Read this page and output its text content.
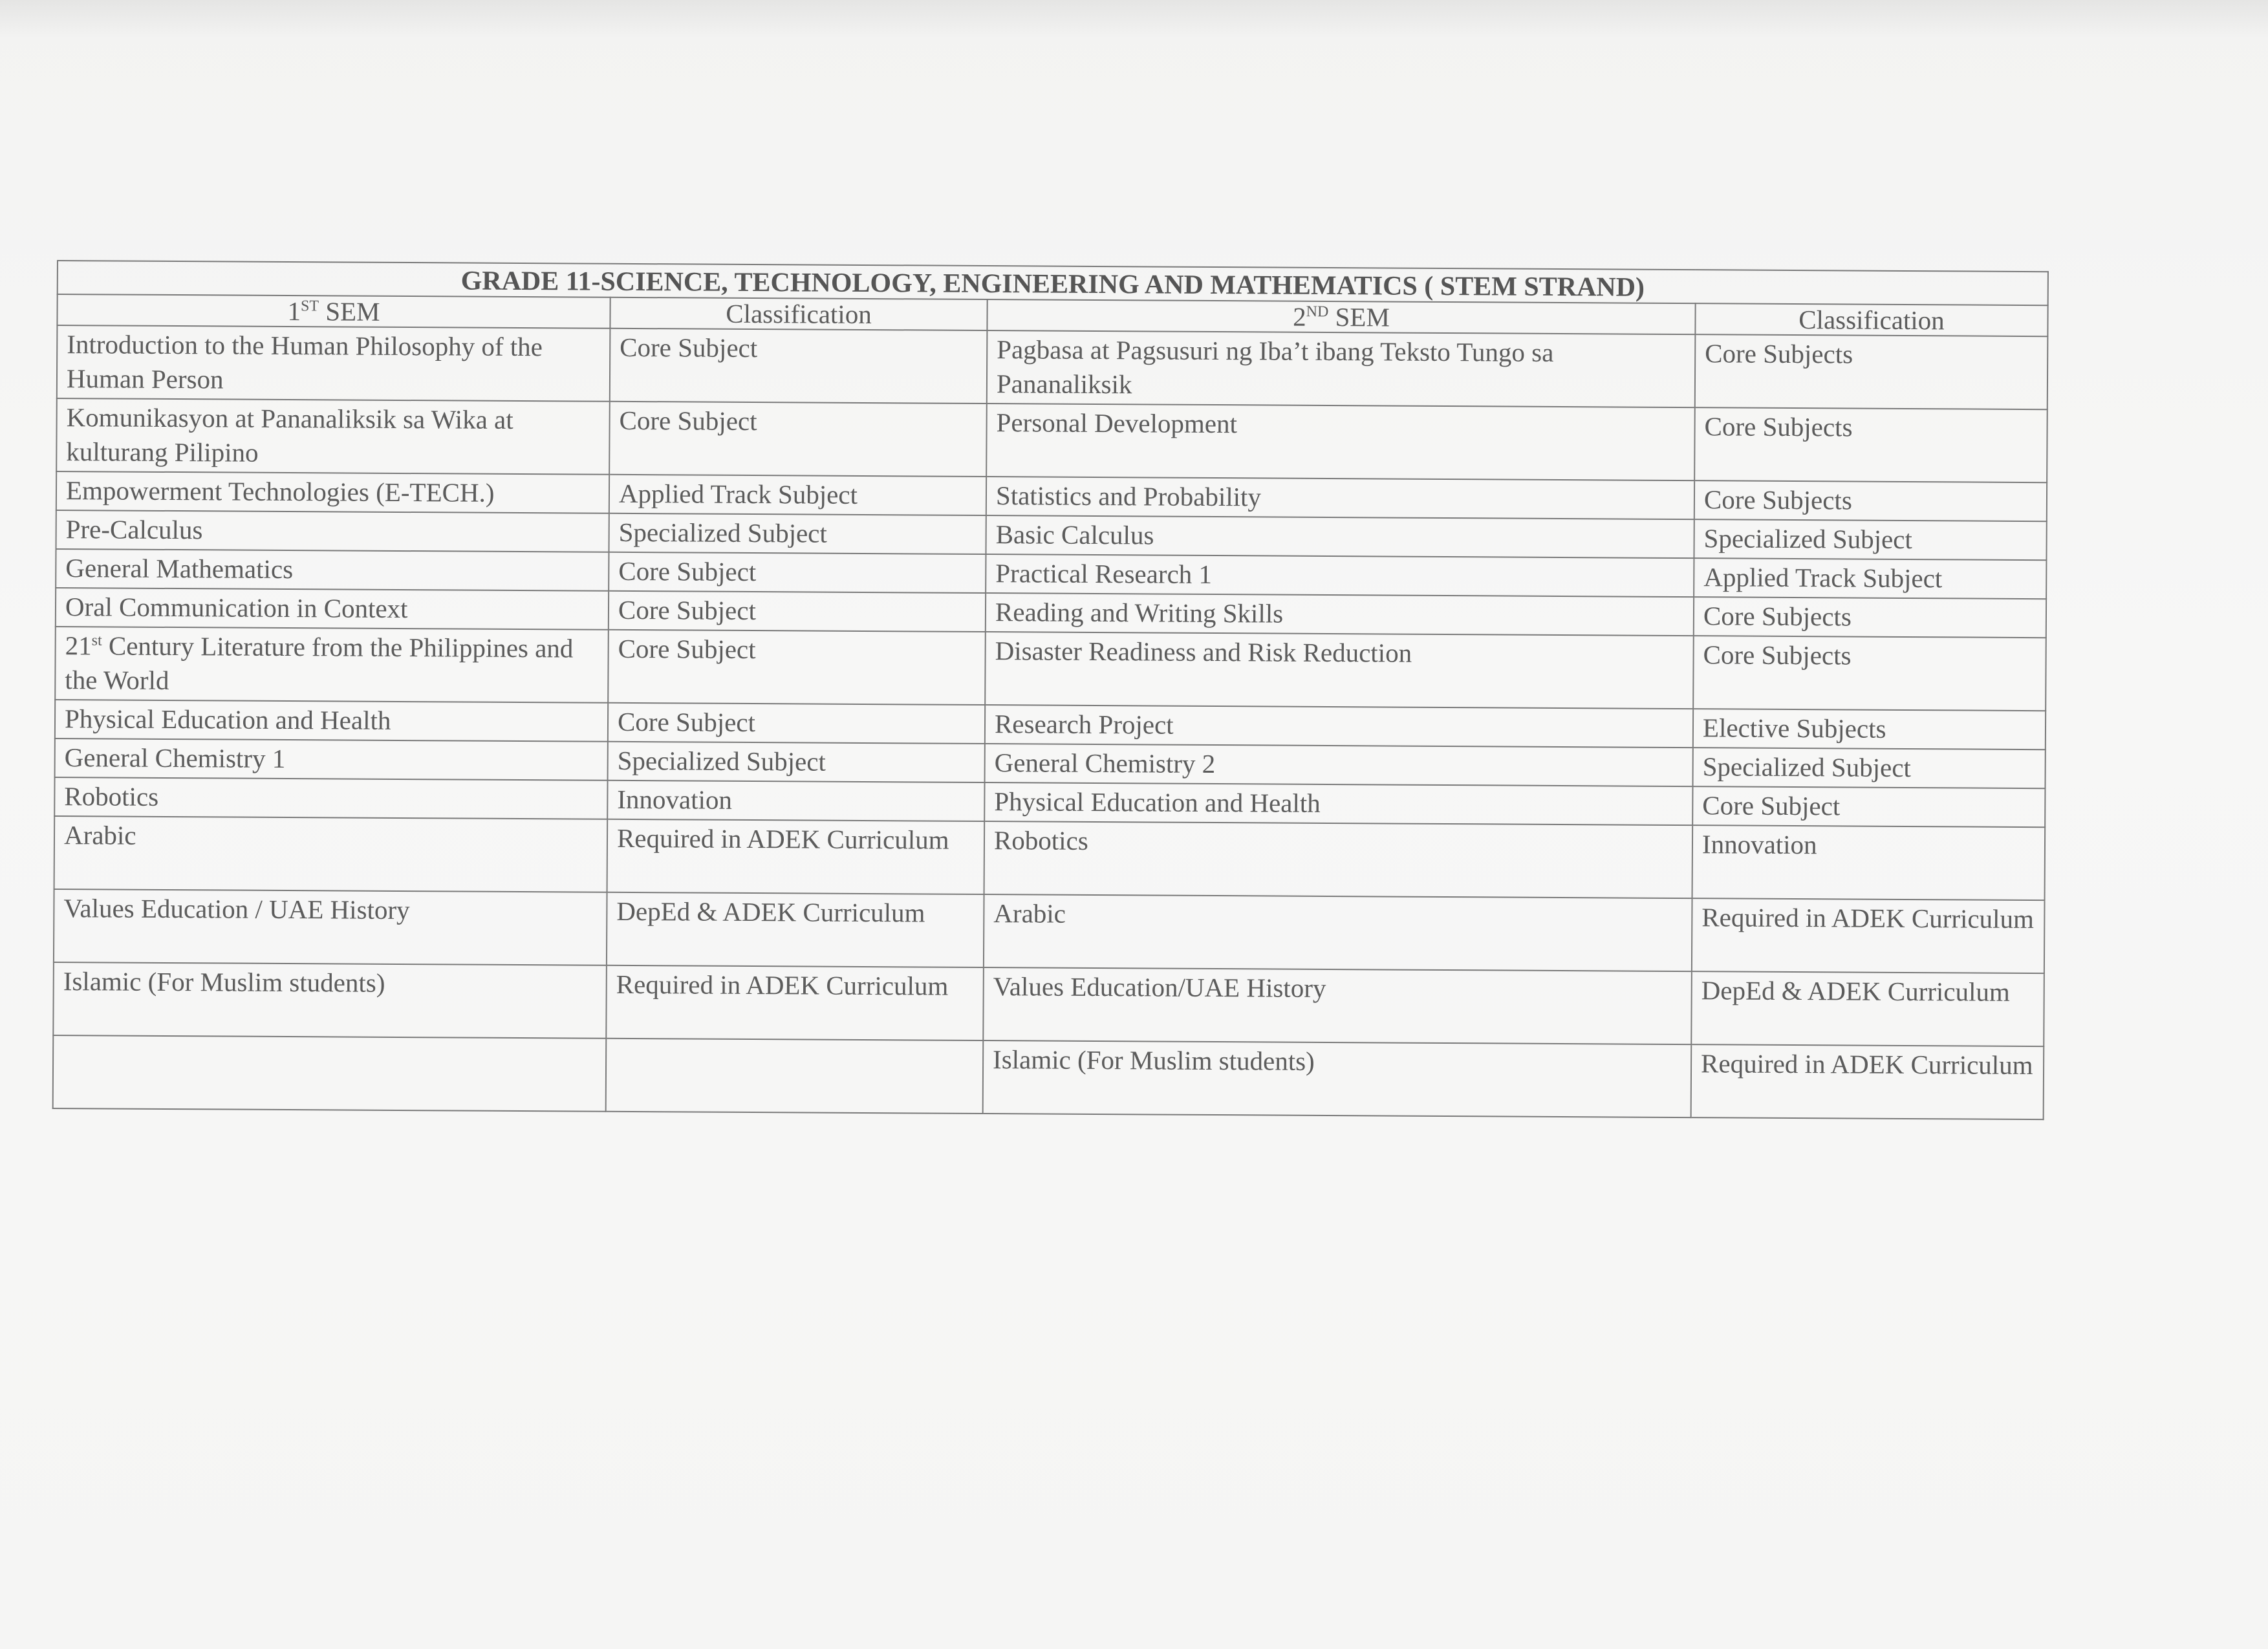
GRADE 11-SCIENCE, TECHNOLOGY, ENGINEERING AND MATHEMATICS ( STEM STRAND)			
1ST SEM	Classification	2ND SEM	Classification
Introduction to the Human Philosophy of the Human Person	Core Subject	Pagbasa at Pagsusuri ng Iba’t ibang Teksto Tungo sa Pananaliksik	Core Subjects
Komunikasyon at Pananaliksik sa Wika at kulturang Pilipino	Core Subject	Personal Development	Core Subjects
Empowerment Technologies (E-TECH.)	Applied Track Subject	Statistics and Probability	Core Subjects
Pre-Calculus	Specialized Subject	Basic Calculus	Specialized Subject
General Mathematics	Core Subject	Practical Research 1	Applied Track Subject
Oral Communication in Context	Core Subject	Reading and Writing Skills	Core Subjects
21st Century Literature from the Philippines and the World	Core Subject	Disaster Readiness and Risk Reduction	Core Subjects
Physical Education and Health	Core Subject	Research Project	Elective Subjects
General Chemistry 1	Specialized Subject	General Chemistry 2	Specialized Subject
Robotics	Innovation	Physical Education and Health	Core Subject
Arabic	Required in ADEK Curriculum	Robotics	Innovation
Values Education / UAE History	DepEd & ADEK Curriculum	Arabic	Required in ADEK Curriculum
Islamic (For Muslim students)	Required in ADEK Curriculum	Values Education/UAE History	DepEd & ADEK Curriculum
		Islamic (For Muslim students)	Required in ADEK Curriculum
